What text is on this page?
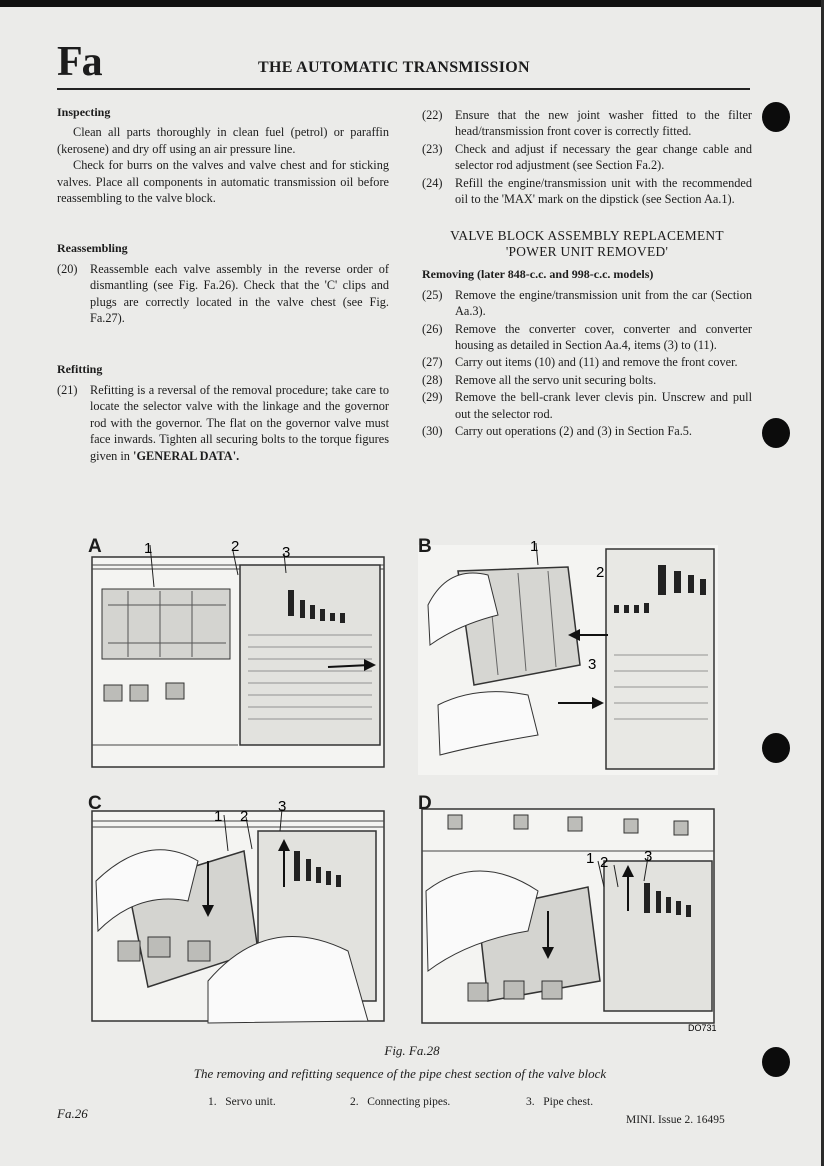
Fa	THE AUTOMATIC TRANSMISSION
Inspecting

Clean all parts thoroughly in clean fuel (petrol) or paraffin (kerosene) and dry off using an air pressure line.

Check for burrs on the valves and valve chest and for sticking valves. Place all components in automatic transmission oil before reassembling to the valve block.

Reassembling
(20)	Reassemble each valve assembly in the reverse order of dismantling (see Fig. Fa.26). Check that the 'C' clips and plugs are correctly located in the valve chest (see Fig. Fa.27).
Refitting
(21)	Refitting is a reversal of the removal procedure; take care to locate the selector valve with the linkage and the governor rod with the governor. The flat on the governor valve must face inwards. Tighten all securing bolts to the torque figures given in 'GENERAL DATA'.
(22)	Ensure that the new joint washer fitted to the filter head/transmission front cover is correctly fitted.
(23)	Check and adjust if necessary the gear change cable and selector rod adjustment (see Section Fa.2).
(24)	Refill the engine/transmission unit with the recommended oil to the 'MAX' mark on the dipstick (see Section Aa.1).
VALVE BLOCK ASSEMBLY REPLACEMENT
'POWER UNIT REMOVED'
Removing (later 848-c.c. and 998-c.c. models)
(25)	Remove the engine/transmission unit from the car (Section Aa.3).
(26)	Remove the converter cover, converter and converter housing as detailed in Section Aa.4, items (3) to (11).
(27)	Carry out items (10) and (11) and remove the front cover.
(28)	Remove all the servo unit securing bolts.
(29)	Remove the bell-crank lever clevis pin. Unscrew and pull out the selector rod.
(30)	Carry out operations (2) and (3) in Section Fa.5.
A	1	2	3	B	1
2
3
C
1 2
3	D
1 2 3
DO731
Fig. Fa.28
The removing and refitting sequence of the pipe chest section of the valve block
1. Servo unit.	2. Connecting pipes.	3. Pipe chest.
Fa.26	MINI. Issue 2. 16495
